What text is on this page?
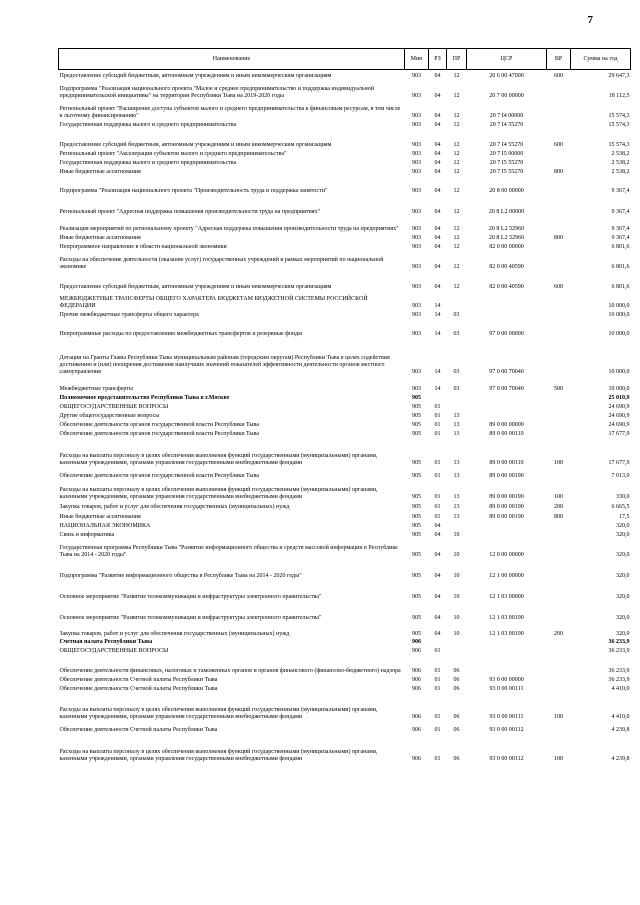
7
Наименование	Мин	РЗ	ПР	ЦСР	ВР	Сумма на год
Предоставление субсидий бюджетным, автономным учреждениям и иным некоммерческим организациям	903	04	12	20 6 00 47000	600	29 647,3
Подпрограмма "Реализация национального проекта "Малое и среднее предпринимательство и поддержка индивидуальной предпринимательской инициативы" на территории Республики Тыва на 2019-2020 годы	903	04	12	20 7 00 00000		18 112,5
Региональный проект "Расширение доступа субъектов малого и среднего предпринимательства к финансовым ресурсам, в том числе к льготному финансированию"	903	04	12	20 7 I4 00000		15 574,3
Государственная поддержка малого и среднего предпринимательства	903	04	12	20 7 I4 55270		15 574,3
Предоставление субсидий бюджетным, автономным учреждениям и иным некоммерческим организациям	903	04	12	20 7 I4 55270	600	15 574,3
Региональный проект "Акселерация субъектов малого и среднего предпринимательства"	903	04	12	20 7 I5 00000		2 538,2
Государственная поддержка малого и среднего предпринимательства	903	04	12	20 7 I5 55270		2 538,2
Иные бюджетные ассигнования	903	04	12	20 7 I5 55270	800	2 538,2
Подпрограмма "Реализация национального проекта "Производительность труда и поддержка занятости"	903	04	12	20 8 00 00000		9 367,4
Региональный проект "Адресная поддержка повышения производительности труда на предприятиях"	903	04	12	20 8 L2 00000		9 367,4
Реализация мероприятий по региональному проекту "Адресная поддержка повышения производительности труда на предприятиях"	903	04	12	20 8 L2 52960		9 367,4
Иные бюджетные ассигнования	903	04	12	20 8 L2 52960	800	9 367,4
Непрограммное направление в области национальной экономики	903	04	12	82 0 00 00000		6 801,6
Расходы на обеспечение деятельности (оказание услуг) государственных учреждений в рамках мероприятий по национальной экономике	903	04	12	82 0 00 40590		6 801,6
Предоставление субсидий бюджетным, автономным учреждениям и иным некоммерческим организациям	903	04	12	82 0 00 40590	600	6 801,6
МЕЖБЮДЖЕТНЫЕ ТРАНСФЕРТЫ ОБЩЕГО ХАРАКТЕРА БЮДЖЕТАМ БЮДЖЕТНОЙ СИСТЕМЫ РОССИЙСКОЙ ФЕДЕРАЦИИ	903	14				10 000,0
Прочие межбюджетные трансферты общего характера	903	14	03			10 000,0
Непрограммные расходы по предоставлению межбюджетных трансфертов и резервные фонды	903	14	03	97 0 00 00000		10 000,0
Дотации на Гранты Главы Республики Тыва муниципальным районам (городским округам) Республики Тыва в целях содействия достижению и (или) поощрения достижения наилучших значений показателей эффективности деятельности органов местного самоуправления	903	14	03	97 0 00 70040		10 000,0
Межбюджетные трансферты	903	14	03	97 0 00 70040	500	10 000,0
Полномочное представительство Республики Тыва в г.Москве	905					25 010,9
ОБЩЕГОСУДАРСТВЕННЫЕ ВОПРОСЫ	905	01				24 690,9
Другие общегосударственные вопросы	905	01	13			24 690,9
Обеспечение деятельности органов государственной власти Республики Тыва	905	01	13	89 0 00 00000		24 690,9
Обеспечение деятельности органов государственной власти Республики Тыва	905	01	13	89 0 00 00110		17 677,9
Расходы на выплаты персоналу в целях обеспечения выполнения функций государственными (муниципальными) органами, казенными учреждениями, органами управления государственными внебюджетными фондами	905	01	13	89 0 00 00110	100	17 677,9
Обеспечение деятельности органов государственной власти Республики Тыва	905	01	13	89 0 00 00190		7 013,0
Расходы на выплаты персоналу в целях обеспечения выполнения функций государственными (муниципальными) органами, казенными учреждениями, органами управления государственными внебюджетными фондами	905	01	13	89 0 00 00190	100	330,0
Закупка товаров, работ и услуг для обеспечения государственных (муниципальных) нужд	905	01	13	89 0 00 00190	200	6 665,5
Иные бюджетные ассигнования	905	01	13	89 0 00 00190	800	17,5
НАЦИОНАЛЬНАЯ ЭКОНОМИКА	905	04				320,0
Связь и информатика	905	04	10			320,0
Государственная программа Республики Тыва "Развитие информационного общества и средств массовой информации в Республике Тыва на 2014 - 2020 годы"	905	04	10	12 0 00 00000		320,0
Подпрограмма "Развитие информационного общества в Республике Тыва на 2014 - 2020 годы"	905	04	10	12 1 00 00000		320,0
Основное мероприятие "Развитие телекоммуникации и инфраструктуры электронного правительства"	905	04	10	12 1 03 00000		320,0
Основное мероприятие "Развитие телекоммуникации и инфраструктуры электронного правительства"	905	04	10	12 1 03 00190		320,0
Закупка товаров, работ и услуг для обеспечения государственных (муниципальных) нужд	905	04	10	12 1 03 00190	200	320,0
Счетная палата Республики Тыва	906					36 233,9
ОБЩЕГОСУДАРСТВЕННЫЕ ВОПРОСЫ	906	01				36 233,9
Обеспечение деятельности финансовых, налоговых и таможенных органов и органов финансового (финансово-бюджетного) надзора	906	01	06			36 233,9
Обеспечение деятельности Счетной палаты Республики Тыва	906	01	06	93 0 00 00000		36 233,9
Обеспечение деятельности Счетной палаты Республики Тыва	906	01	06	93 0 00 00111		4 410,0
Расходы на выплаты персоналу в целях обеспечения выполнения функций государственными (муниципальными) органами, казенными учреждениями, органами управления государственными внебюджетными фондами	906	01	06	93 0 00 00111	100	4 410,0
Обеспечение деятельности Счетной палаты Республики Тыва	906	01	06	93 0 00 00112		4 239,8
Расходы на выплаты персоналу в целях обеспечения выполнения функций государственными (муниципальными) органами, казенными учреждениями, органами управления государственными внебюджетными фондами	906	01	06	93 0 00 00112	100	4 239,8
